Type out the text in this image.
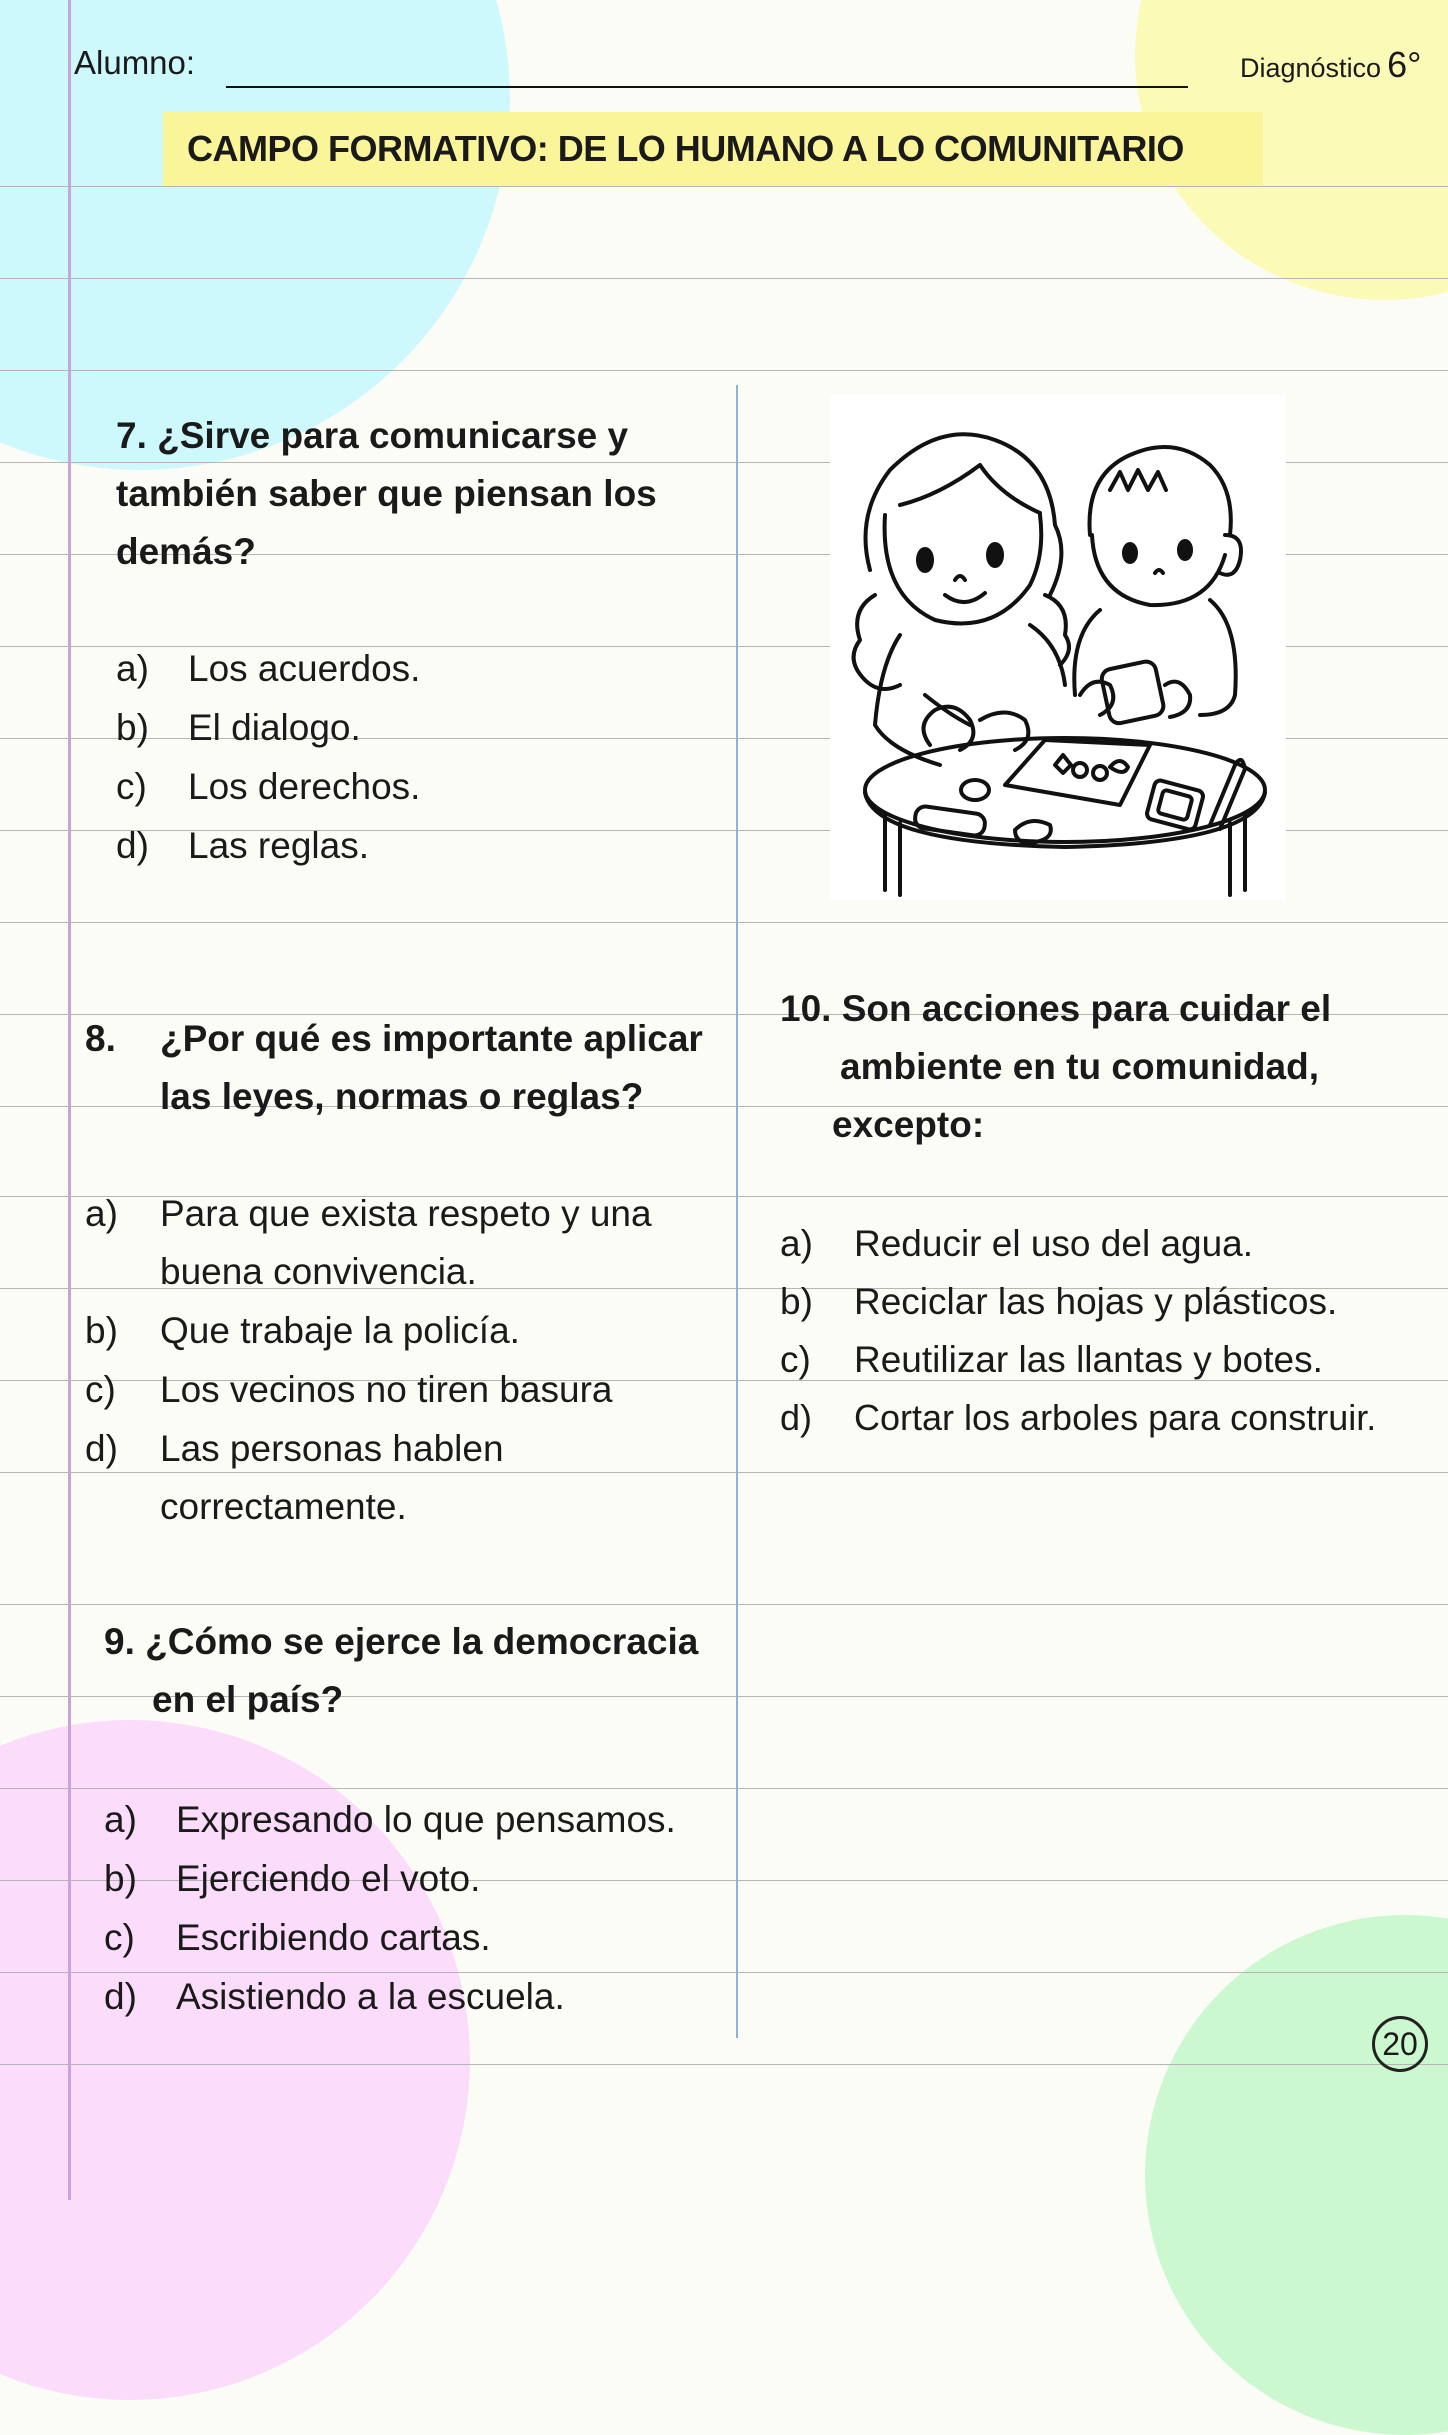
Alumno:	Diagnóstico 6°
CAMPO FORMATIVO: DE LO HUMANO A LO COMUNITARIO
7. ¿Sirve para comunicarse y
también saber que piensan los
demás?
a) Los acuerdos.
b) El dialogo.
c) Los derechos.
d) Las reglas.
8. ¿Por qué es importante aplicar
las leyes, normas o reglas?
a) Para que exista respeto y una
buena convivencia.
b) Que trabaje la policía.
c) Los vecinos no tiren basura
d) Las personas hablen
correctamente.
9. ¿Cómo se ejerce la democracia
en el país?
a) Expresando lo que pensamos.
b) Ejerciendo el voto.
c) Escribiendo cartas.
d) Asistiendo a la escuela.
10. Son acciones para cuidar el
ambiente en tu comunidad,
excepto:
a) Reducir el uso del agua.
b) Reciclar las hojas y plásticos.
c) Reutilizar las llantas y botes.
d) Cortar los arboles para construir.
20
